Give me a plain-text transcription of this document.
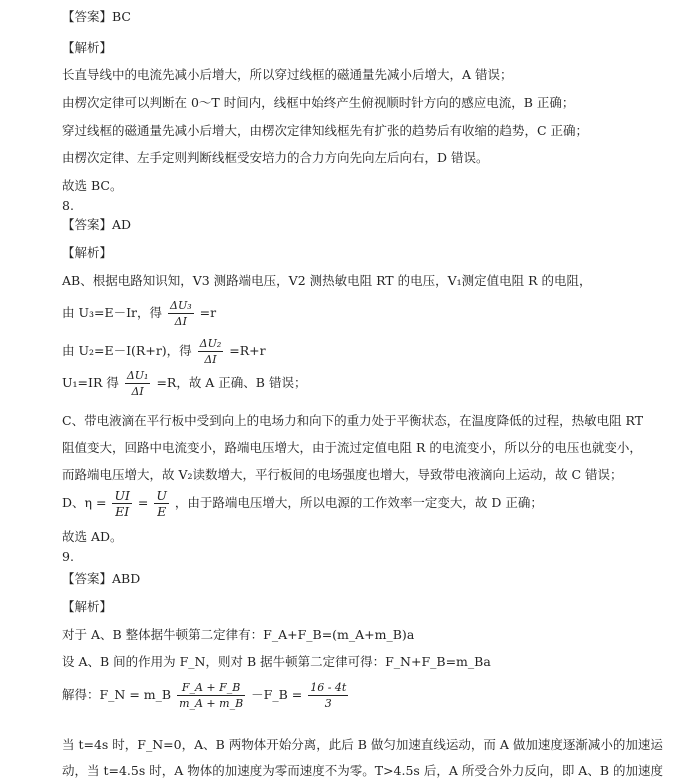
【答案】BC
【解析】
长直导线中的电流先减小后增大，所以穿过线框的磁通量先减小后增大，A 错误；
由楞次定律可以判断在 0～T 时间内，线框中始终产生俯视顺时针方向的感应电流，B 正确；
穿过线框的磁通量先减小后增大，由楞次定律知线框先有扩张的趋势后有收缩的趋势，C 正确；
由楞次定律、左手定则判断线框受安培力的合力方向先向左后向右，D 错误。
故选 BC。
8.
【答案】AD
【解析】
AB、根据电路知识知，V3 测路端电压，V2 测热敏电阻 RT 的电压，V₁测定值电阻 R 的电阻，
由 U₃=E－Ir，得 $\frac{\text{ΔU₃}}{\Delta I} =r$
由 U₂=E－I(R+r)，得 $\frac{\text{ΔU₂}}{\Delta I} =R+r$
U₁=IR 得 $\frac{\text{ΔU₁}}{\Delta I} =R$，故 A 正确、B 错误；
C、带电液滴在平行板中受到向上的电场力和向下的重力处于平衡状态，在温度降低的过程，热敏电阻 RT
阻值变大，回路中电流变小，路端电压增大，由于流过定值电阻 R 的电流变小，所以分的电压也就变小，
而路端电压增大，故 V₂读数增大，平行板间的电场强度也增大，导致带电液滴向上运动，故 C 错误；
D、$\eta = \frac{UI}{EI} = \frac{U}{E}$ ，由于路端电压增大，所以电源的工作效率一定变大，故 D 正确；
故选 AD。
9.
【答案】ABD
【解析】
对于 A、B 整体据牛顿第二定律有：F_A+F_B=(m_A+m_B)a
设 A、B 间的作用为 F_N，则对 B 据牛顿第二定律可得：F_N+F_B=m_Ba
解得：F_N = m_B $\frac{F\_A + F\_B}{m\_A + m\_B}$ －F_B = $\frac{16 - 4t}{3}$
当 t=4s 时，F_N=0，A、B 两物体开始分离，此后 B 做匀加速直线运动，而 A 做加速度逐渐减小的加速运
动，当 t=4.5s 时，A 物体的加速度为零而速度不为零。T>4.5s 后，A 所受合外力反向，即 A、B 的加速度
